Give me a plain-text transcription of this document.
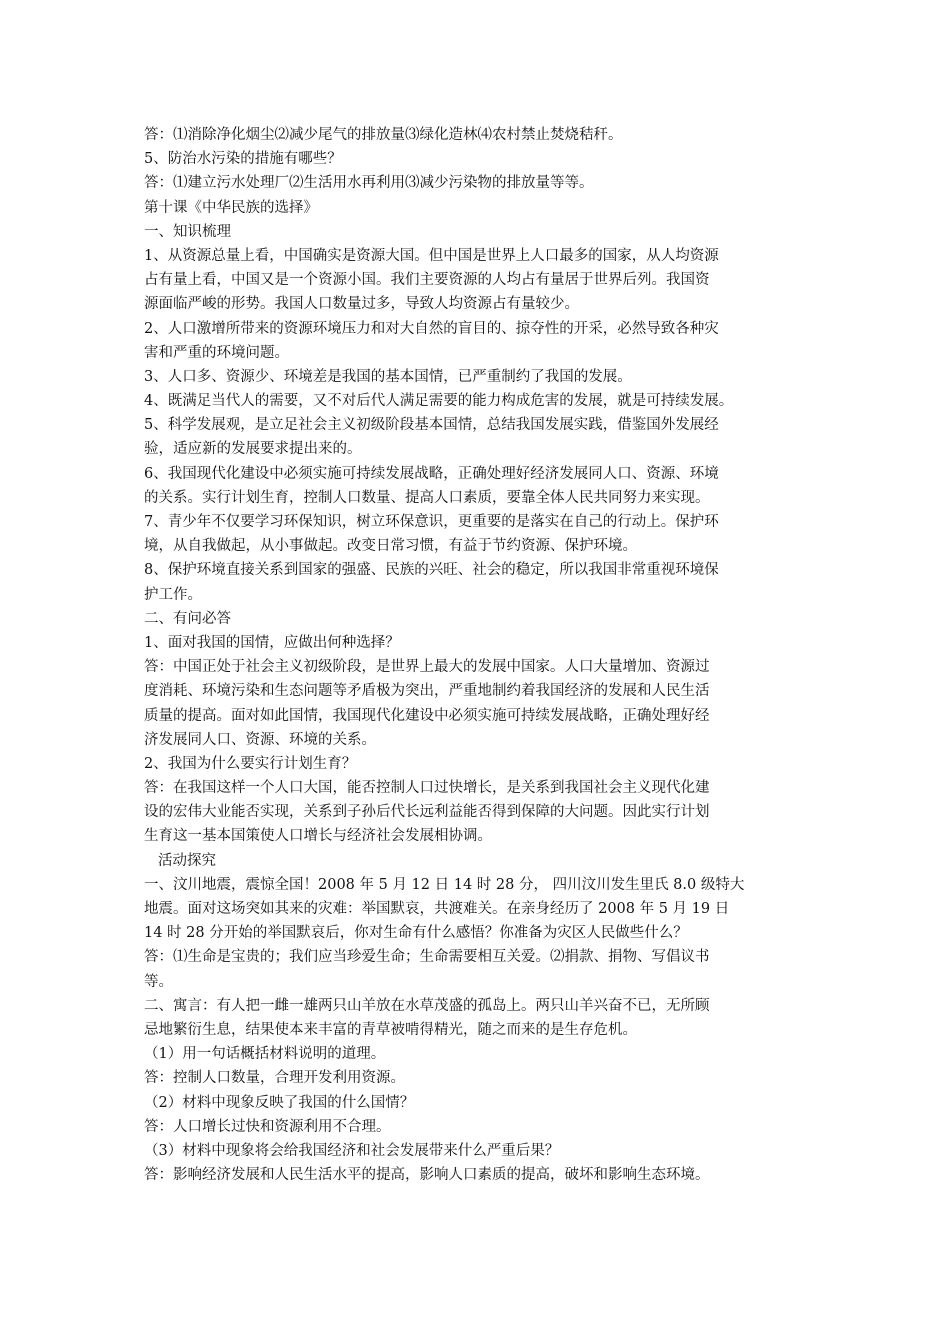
答：⑴消除净化烟尘⑵减少尾气的排放量⑶绿化造林⑷农村禁止焚烧秸秆。
5、防治水污染的措施有哪些？
答：⑴建立污水处理厂⑵生活用水再利用⑶减少污染物的排放量等等。
第十课《中华民族的选择》
一、知识梳理
1、从资源总量上看，中国确实是资源大国。但中国是世界上人口最多的国家，从人均资源
占有量上看，中国又是一个资源小国。我们主要资源的人均占有量居于世界后列。我国资
源面临严峻的形势。我国人口数量过多，导致人均资源占有量较少。
2、人口激增所带来的资源环境压力和对大自然的盲目的、掠夺性的开采，必然导致各种灾
害和严重的环境问题。
3、人口多、资源少、环境差是我国的基本国情，已严重制约了我国的发展。
4、既满足当代人的需要，又不对后代人满足需要的能力构成危害的发展，就是可持续发展。
5、科学发展观，是立足社会主义初级阶段基本国情，总结我国发展实践，借鉴国外发展经
验，适应新的发展要求提出来的。
6、我国现代化建设中必须实施可持续发展战略，正确处理好经济发展同人口、资源、环境
的关系。实行计划生育，控制人口数量、提高人口素质，要靠全体人民共同努力来实现。
7、青少年不仅要学习环保知识，树立环保意识，更重要的是落实在自己的行动上。保护环
境，从自我做起，从小事做起。改变日常习惯，有益于节约资源、保护环境。
8、保护环境直接关系到国家的强盛、民族的兴旺、社会的稳定，所以我国非常重视环境保
护工作。
二、有问必答
1、面对我国的国情，应做出何种选择？
答：中国正处于社会主义初级阶段，是世界上最大的发展中国家。人口大量增加、资源过
度消耗、环境污染和生态问题等矛盾极为突出，严重地制约着我国经济的发展和人民生活
质量的提高。面对如此国情，我国现代化建设中必须实施可持续发展战略，正确处理好经
济发展同人口、资源、环境的关系。
2、我国为什么要实行计划生育？
答：在我国这样一个人口大国，能否控制人口过快增长，是关系到我国社会主义现代化建
设的宏伟大业能否实现，关系到子孙后代长远利益能否得到保障的大问题。因此实行计划
生育这一基本国策使人口增长与经济社会发展相协调。
活动探究
一、汶川地震，震惊全国！2008 年 5 月 12 日 14 时 28 分， 四川汶川发生里氏 8.0 级特大
地震。面对这场突如其来的灾难：举国默哀，共渡难关。在亲身经历了 2008 年 5 月 19 日
14 时 28 分开始的举国默哀后，你对生命有什么感悟？你准备为灾区人民做些什么？
答：⑴生命是宝贵的；我们应当珍爱生命；生命需要相互关爱。⑵捐款、捐物、写倡议书
等。
二、寓言：有人把一雌一雄两只山羊放在水草茂盛的孤岛上。两只山羊兴奋不已，无所顾
忌地繁衍生息，结果使本来丰富的青草被啃得精光，随之而来的是生存危机。
（1）用一句话概括材料说明的道理。
答：控制人口数量，合理开发利用资源。
（2）材料中现象反映了我国的什么国情？
答：人口增长过快和资源利用不合理。
（3）材料中现象将会给我国经济和社会发展带来什么严重后果？
答：影响经济发展和人民生活水平的提高，影响人口素质的提高，破坏和影响生态环境。
